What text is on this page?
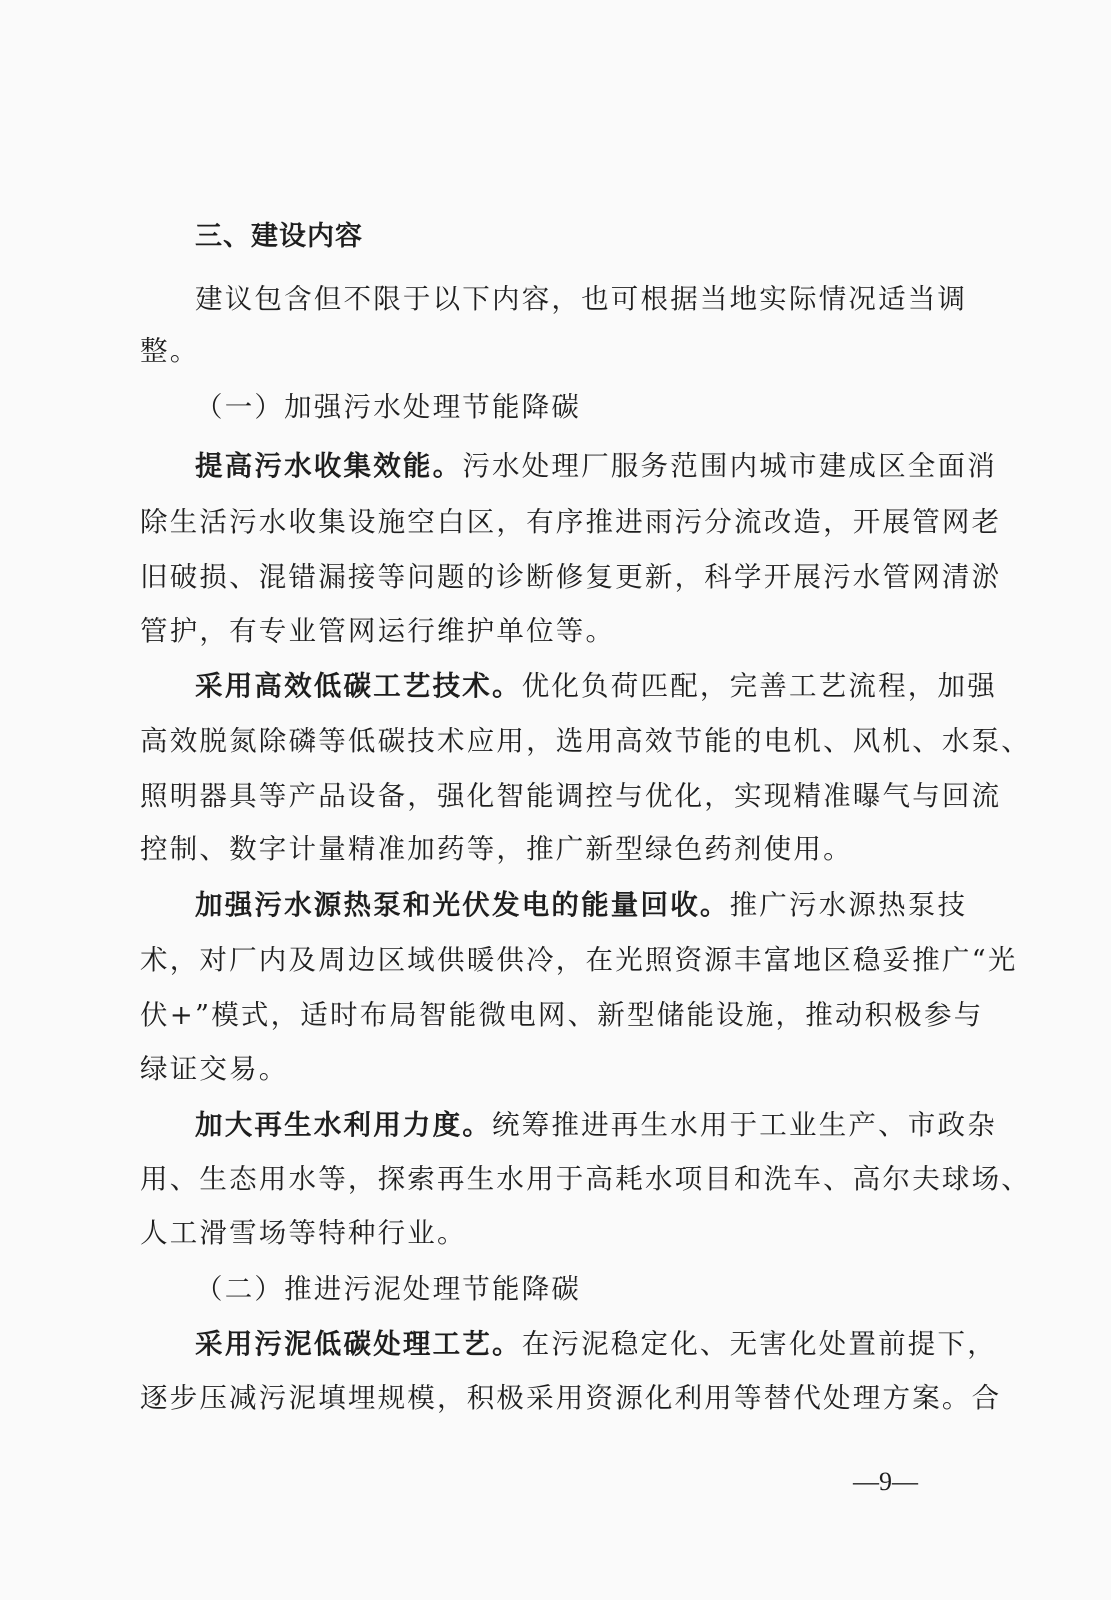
三、建设内容
建议包含但不限于以下内容，也可根据当地实际情况适当调
整。
（一）加强污水处理节能降碳
提高污水收集效能。污水处理厂服务范围内城市建成区全面消
除生活污水收集设施空白区，有序推进雨污分流改造，开展管网老
旧破损、混错漏接等问题的诊断修复更新，科学开展污水管网清淤
管护，有专业管网运行维护单位等。
采用高效低碳工艺技术。优化负荷匹配，完善工艺流程，加强
高效脱氮除磷等低碳技术应用，选用高效节能的电机、风机、水泵、
照明器具等产品设备，强化智能调控与优化，实现精准曝气与回流
控制、数字计量精准加药等，推广新型绿色药剂使用。
加强污水源热泵和光伏发电的能量回收。推广污水源热泵技
术，对厂内及周边区域供暖供冷，在光照资源丰富地区稳妥推广“光
伏+”模式，适时布局智能微电网、新型储能设施，推动积极参与
绿证交易。
加大再生水利用力度。统筹推进再生水用于工业生产、市政杂
用、生态用水等，探索再生水用于高耗水项目和洗车、高尔夫球场、
人工滑雪场等特种行业。
（二）推进污泥处理节能降碳
采用污泥低碳处理工艺。在污泥稳定化、无害化处置前提下，
逐步压减污泥填埋规模，积极采用资源化利用等替代处理方案。合
—9—
